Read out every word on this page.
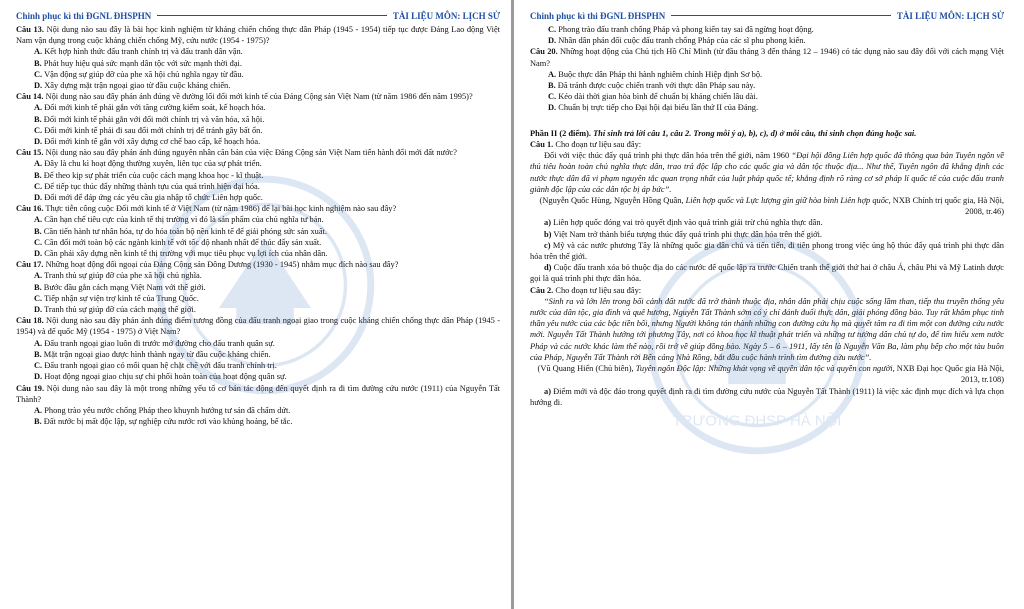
Chinh phục kì thi ĐGNL ĐHSPHN	TÀI LIỆU MÔN: LỊCH SỬ

Câu 13. Nội dung nào sau đây là bài học kinh nghiệm từ kháng chiến chống thực dân Pháp (1945 - 1954) tiếp tục được Đảng Lao động Việt Nam vận dụng trong cuộc kháng chiến chống Mỹ, cứu nước (1954 - 1975)?

A. Kết hợp hình thức đấu tranh chính trị và đấu tranh dân vận.

B. Phát huy hiệu quả sức mạnh dân tộc với sức mạnh thời đại.

C. Vận động sự giúp đỡ của phe xã hội chủ nghĩa ngay từ đầu.

D. Xây dựng mặt trận ngoại giao từ đầu cuộc kháng chiến.

Câu 14. Nội dung nào sau đây phản ánh đúng về đường lối đổi mới kinh tế của Đảng Cộng sản Việt Nam (từ năm 1986 đến năm 1995)?

A. Đổi mới kinh tế phải gắn với tăng cường kiểm soát, kế hoạch hóa.

B. Đổi mới kinh tế phải gắn với đổi mới chính trị và văn hóa, xã hội.

C. Đổi mới kinh tế phải đi sau đổi mới chính trị để tránh gây bất ổn.

D. Đổi mới kinh tế gắn với xây dựng cơ chế bao cấp, kế hoạch hóa.

Câu 15. Nội dung nào sau đây phản ánh đúng nguyên nhân căn bản của việc Đảng Cộng sản Việt Nam tiến hành đổi mới đất nước?

A. Đây là chu kì hoạt động thường xuyên, liên tục của sự phát triển.

B. Để theo kịp sự phát triển của cuộc cách mạng khoa học - kĩ thuật.

C. Để tiếp tục thúc đẩy những thành tựu của quá trình hiện đại hóa.

D. Đổi mới để đáp ứng các yêu cầu gia nhập tổ chức Liên hợp quốc.

Câu 16. Thực tiễn công cuộc Đổi mới kinh tế ở Việt Nam (từ năm 1986) để lại bài học kinh nghiệm nào sau đây?

A. Cần hạn chế tiêu cực của kinh tế thị trường vì đó là sản phẩm của chủ nghĩa tư bản.

B. Cần tiến hành tư nhân hóa, tự do hóa toàn bộ nền kinh tế để giải phóng sức sản xuất.

C. Cần đổi mới toàn bộ các ngành kinh tế với tốc độ nhanh nhất để thúc đẩy sản xuất.

D. Cần phải xây dựng nền kinh tế thị trường với mục tiêu phục vụ lợi ích của nhân dân.

Câu 17. Những hoạt động đối ngoại của Đảng Cộng sản Đông Dương (1930 - 1945) nhằm mục đích nào sau đây?

A. Tranh thủ sự giúp đỡ của phe xã hội chủ nghĩa.

B. Bước đầu gắn cách mạng Việt Nam với thế giới.

C. Tiếp nhận sự viện trợ kinh tế của Trung Quốc.

D. Tranh thủ sự giúp đỡ của cách mạng thế giới.

Câu 18. Nội dung nào sau đây phản ánh đúng điểm tương đồng của đấu tranh ngoại giao trong cuộc kháng chiến chống thực dân Pháp (1945 - 1954) và đế quốc Mỹ (1954 - 1975) ở Việt Nam?

A. Đấu tranh ngoại giao luôn đi trước mở đường cho đấu tranh quân sự.

B. Mặt trận ngoại giao được hình thành ngay từ đầu cuộc kháng chiến.

C. Đấu tranh ngoại giao có mối quan hệ chặt chẽ với đấu tranh chính trị.

D. Hoạt động ngoại giao chịu sự chi phối hoàn toàn của hoạt động quân sự.

Câu 19. Nội dung nào sau đây là một trong những yếu tố cơ bản tác động đến quyết định ra đi tìm đường cứu nước (1911) của Nguyễn Tất Thành?

A. Phong trào yêu nước chống Pháp theo khuynh hướng tư sản đã chấm dứt.

B. Đất nước bị mất độc lập, sự nghiệp cứu nước rơi vào khủng hoảng, bế tắc.	TRƯỜNG ĐHSP HÀ NỘI
Chinh phục kì thi ĐGNL ĐHSPHN	TÀI LIỆU MÔN: LỊCH SỬ

C. Phong trào đấu tranh chống Pháp và phong kiến tay sai đã ngừng hoạt động.

D. Nhân dân phản đối cuộc đấu tranh chống Pháp của các sĩ phu phong kiến.

Câu 20. Những hoạt động của Chủ tịch Hồ Chí Minh (từ đầu tháng 3 đến tháng 12 – 1946) có tác dụng nào sau đây đối với cách mạng Việt Nam?

A. Buộc thực dân Pháp thi hành nghiêm chỉnh Hiệp định Sơ bộ.

B. Đã tránh được cuộc chiến tranh với thực dân Pháp sau này.

C. Kéo dài thời gian hòa bình để chuẩn bị kháng chiến lâu dài.

D. Chuẩn bị trực tiếp cho Đại hội đại biểu lần thứ II của Đảng.

Phần II (2 điểm). Thí sinh trả lời câu 1, câu 2. Trong mỗi ý a), b), c), d) ở mỗi câu, thí sinh chọn đúng hoặc sai.

Câu 1. Cho đoạn tư liệu sau đây:

Đối với việc thúc đẩy quá trình phi thực dân hóa trên thế giới, năm 1960 “Đại hội đồng Liên hợp quốc đã thông qua bản Tuyên ngôn về thủ tiêu hoàn toàn chủ nghĩa thực dân, trao trả độc lập cho các quốc gia và dân tộc thuộc địa... Như thế, Tuyên ngôn đã khẳng định các nước thực dân đã vi phạm nguyên tắc quan trọng nhất của luật pháp quốc tế; khẳng định rõ ràng cơ sở pháp lí quốc tế của cuộc đấu tranh giành độc lập của các dân tộc bị áp bức”.

(Nguyễn Quốc Hùng, Nguyễn Hồng Quân, Liên hợp quốc và Lực lượng gìn giữ hòa bình Liên hợp quốc, NXB Chính trị quốc gia, Hà Nội, 2008, tr.46)

a) Liên hợp quốc đóng vai trò quyết định vào quá trình giải trừ chủ nghĩa thực dân.

b) Việt Nam trở thành biểu tượng thúc đẩy quá trình phi thực dân hóa trên thế giới.

c) Mỹ và các nước phương Tây là những quốc gia dân chủ và tiến tiến, đi tiên phong trong việc ủng hộ thúc đẩy quá trình phi thực dân hóa trên thế giới.

d) Cuộc đấu tranh xóa bỏ thuộc địa do các nước đế quốc lập ra trước Chiến tranh thế giới thứ hai ở châu Á, châu Phi và Mỹ Latinh được gọi là quá trình phi thực dân hóa.

Câu 2. Cho đoạn tư liệu sau đây:

“Sinh ra và lớn lên trong bối cảnh đất nước đã trở thành thuộc địa, nhân dân phải chịu cuộc sống lầm than, tiếp thu truyền thống yêu nước của dân tộc, gia đình và quê hương, Nguyễn Tất Thành sớm có ý chí đánh đuổi thực dân, giải phóng đồng bào. Tuy rất khâm phục tinh thần yêu nước của các bậc tiền bối, nhưng Người không tán thành những con đường cứu họ mà quyết tâm ra đi tìm một con đường cứu nước mới. Nguyễn Tất Thành hướng tới phương Tây, nơi có khoa học kĩ thuật phát triển và những tư tưởng dân chủ tự do, để tìm hiểu xem nước Pháp và các nước khác làm thế nào, rồi trở về giúp đồng bào. Ngày 5 – 6 – 1911, lấy tên là Nguyễn Văn Ba, làm phụ bếp cho một tàu buôn của Pháp, Nguyễn Tất Thành rời Bến cảng Nhà Rồng, bắt đầu cuộc hành trình tìm đường cứu nước”.

(Vũ Quang Hiển (Chủ biên), Tuyên ngôn Độc lập: Những khát vọng về quyền dân tộc và quyền con người, NXB Đại học Quốc gia Hà Nội, 2013, tr.108)

a) Điểm mới và độc đáo trong quyết định ra đi tìm đường cứu nước của Nguyễn Tất Thành (1911) là việc xác định mục đích và lựa chọn hướng đi.
